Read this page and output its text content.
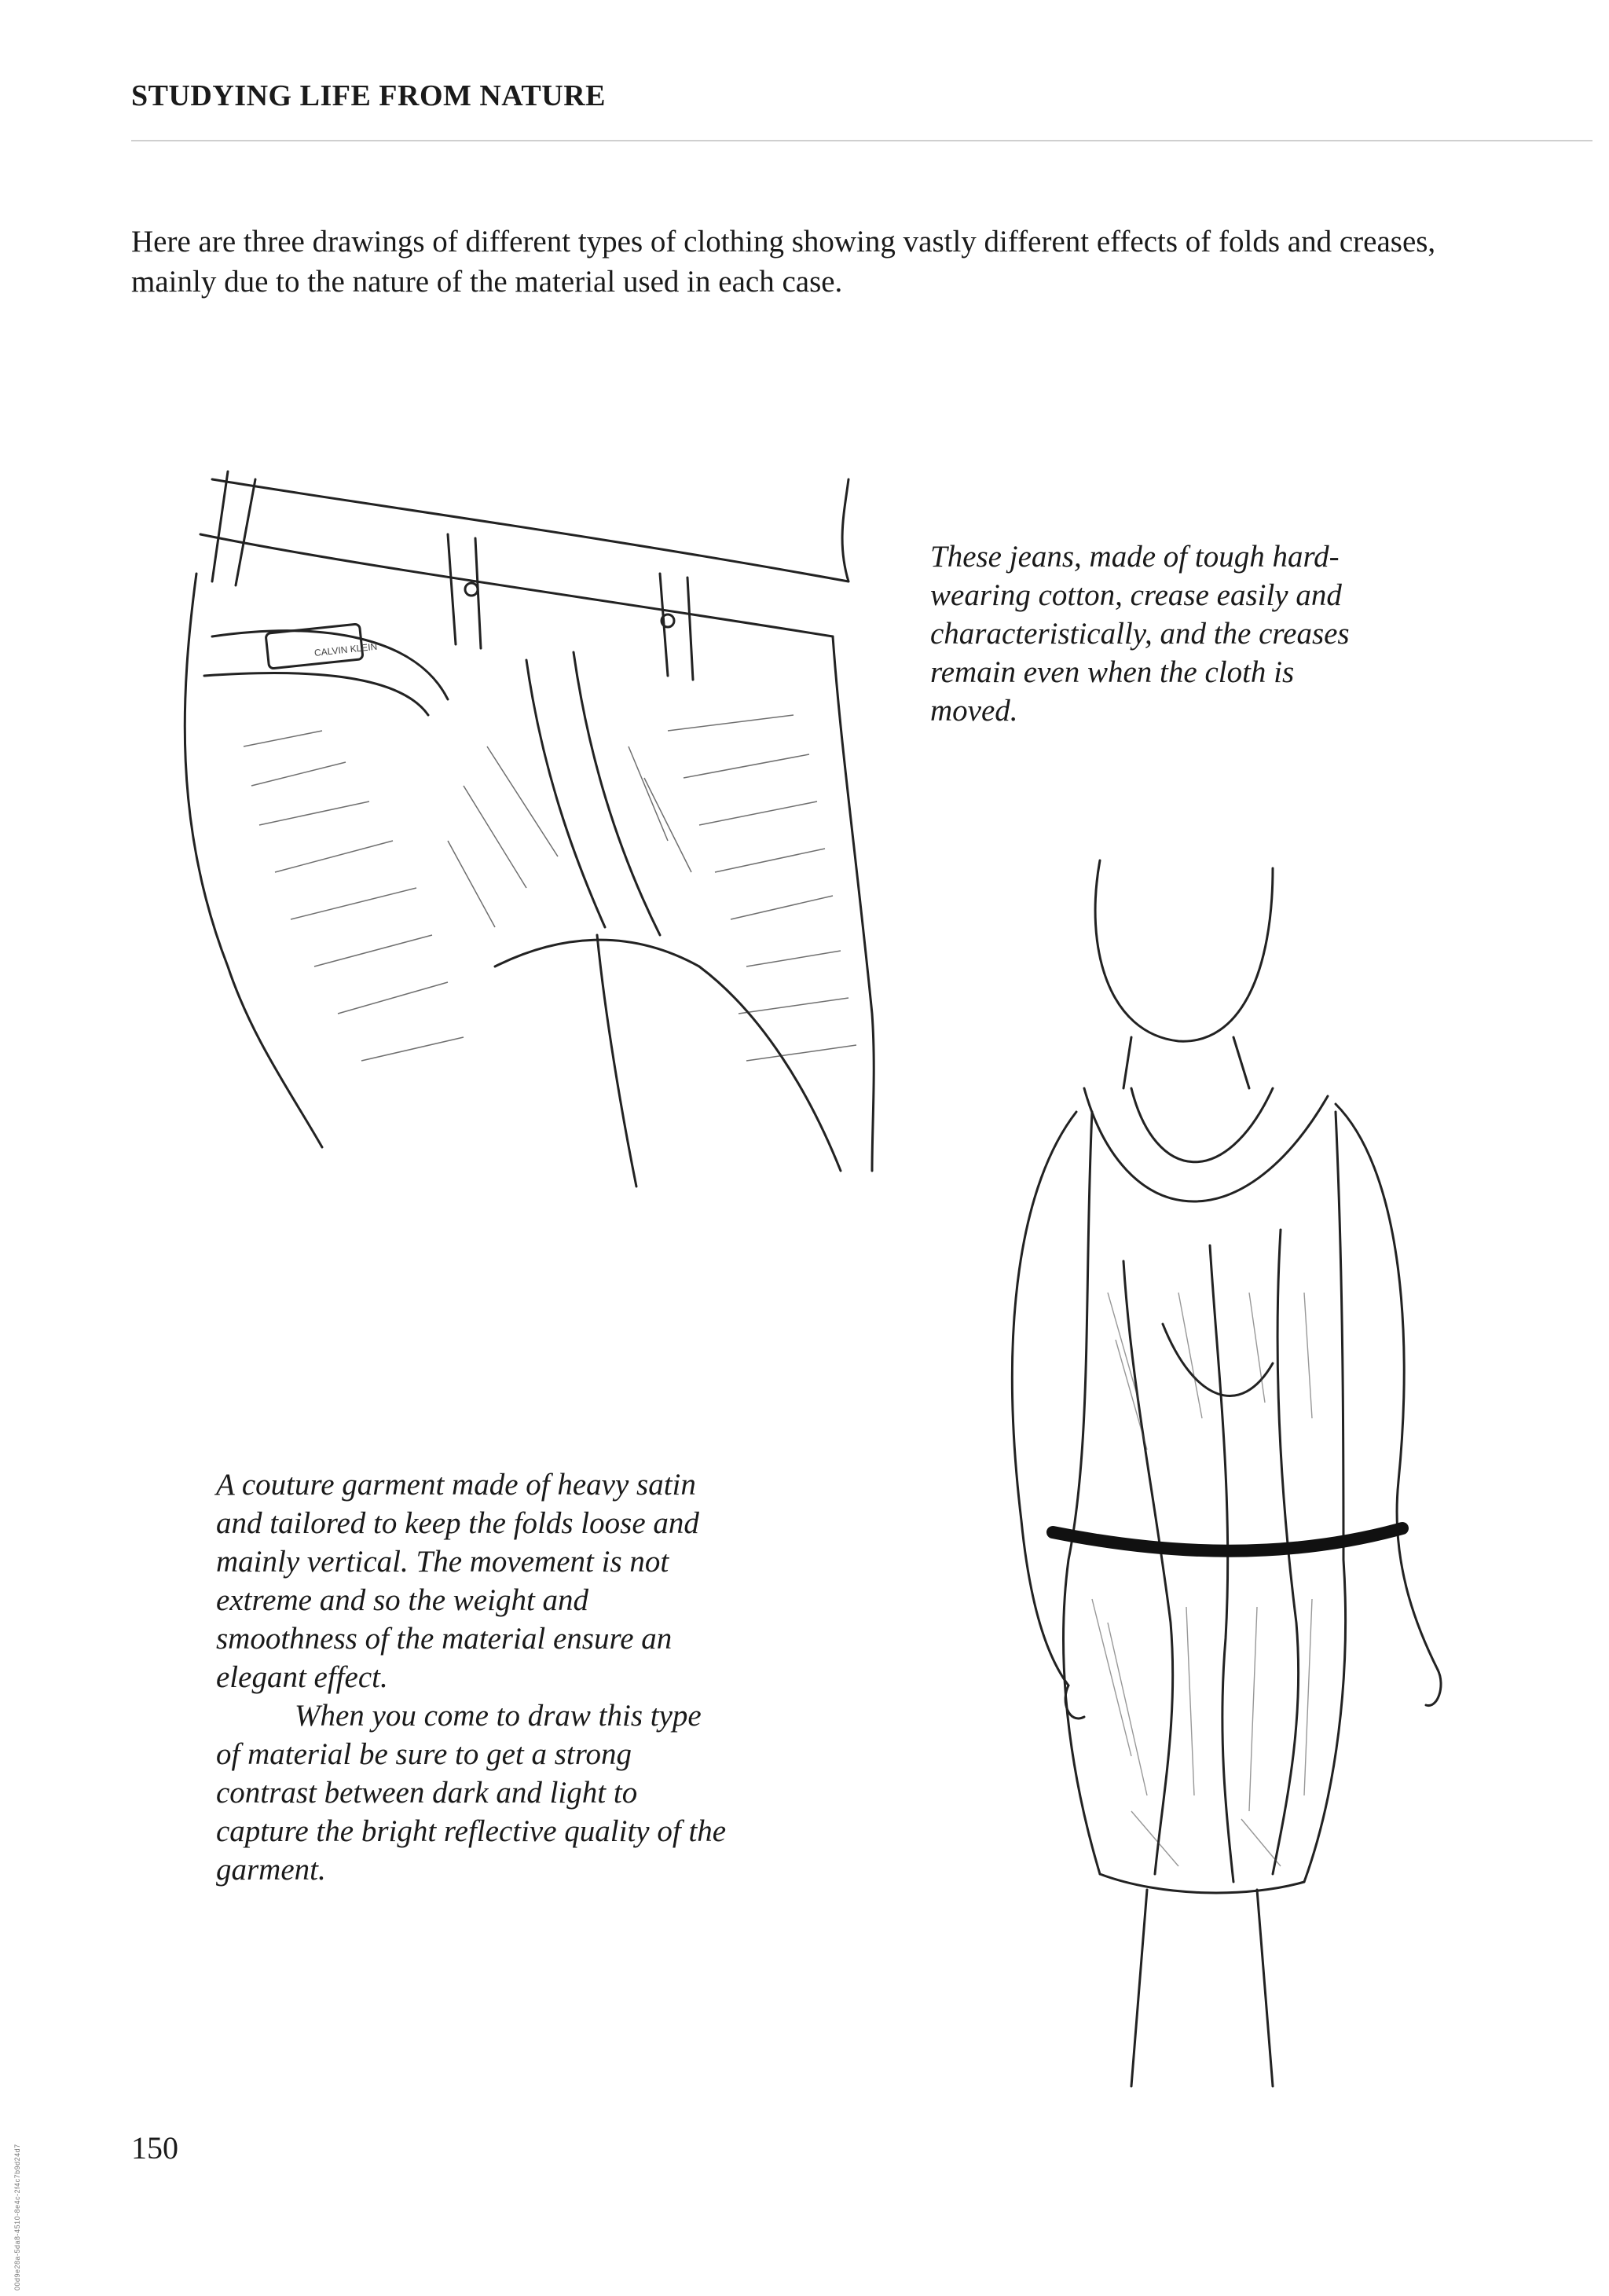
STUDYING LIFE FROM NATURE
Here are three drawings of different types of clothing showing vastly different effects of folds and creases, mainly due to the nature of the material used in each case.
CALVIN KLEIN
These jeans, made of tough hard-wearing cotton, crease easily and characteristically, and the creases remain even when the cloth is moved.

A couture garment made of heavy satin and tailored to keep the folds loose and mainly vertical. The movement is not extreme and so the weight and smoothness of the material ensure an elegant effect.

When you come to draw this type of material be sure to get a strong contrast between dark and light to capture the bright reflective quality of the garment.

150
00d9e28a-5da8-4510-8e4c-2f4c7b9d24d7
